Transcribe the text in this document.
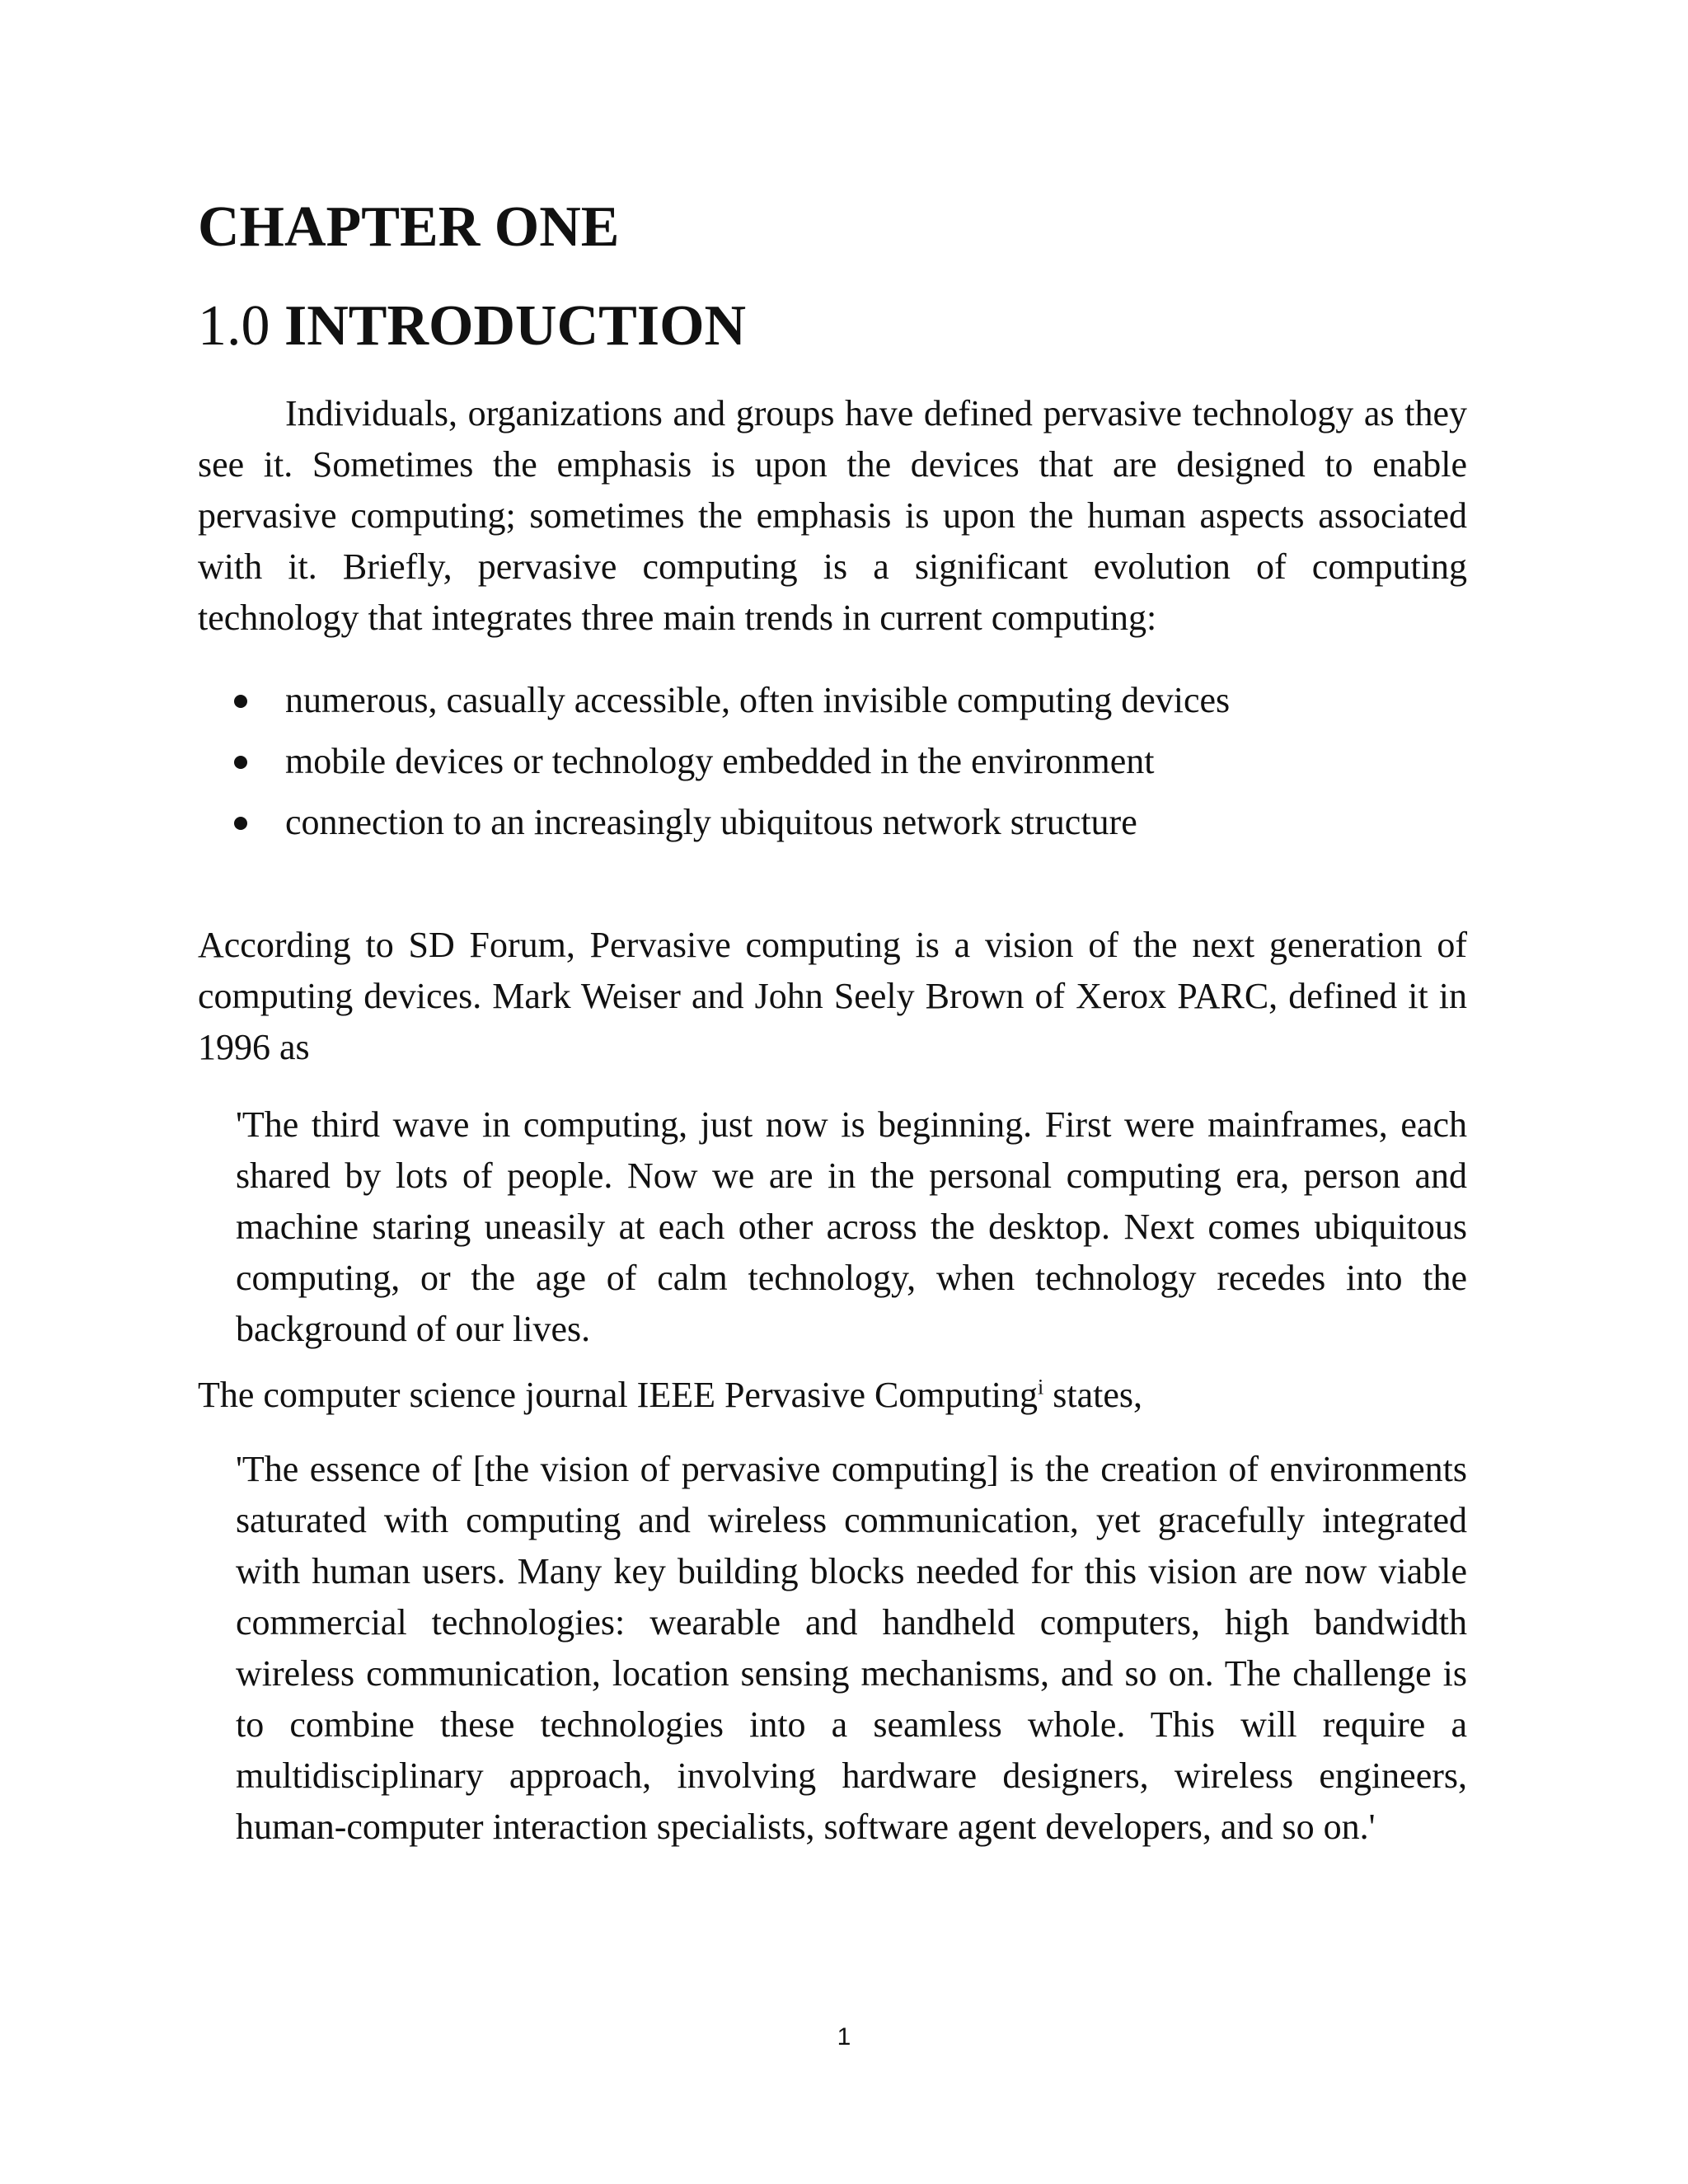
CHAPTER ONE
1.0 INTRODUCTION

Individuals, organizations and groups have defined pervasive technology as they see it. Sometimes the emphasis is upon the devices that are designed to enable pervasive computing; sometimes the emphasis is upon the human aspects associated with it. Briefly, pervasive computing is a significant evolution of computing technology that integrates three main trends in current computing:

numerous, casually accessible, often invisible computing devices
mobile devices or technology embedded in the environment
connection to an increasingly ubiquitous network structure

According to SD Forum, Pervasive computing is a vision of the next generation of computing devices. Mark Weiser and John Seely Brown of Xerox PARC, defined it in 1996 as

'The third wave in computing, just now is beginning. First were mainframes, each shared by lots of people. Now we are in the personal computing era, person and machine staring uneasily at each other across the desktop. Next comes ubiquitous computing, or the age of calm technology, when technology recedes into the background of our lives.

The computer science journal IEEE Pervasive Computing$^i$ states,

'The essence of [the vision of pervasive computing] is the creation of environments saturated with computing and wireless communication, yet gracefully integrated with human users. Many key building blocks needed for this vision are now viable commercial technologies: wearable and handheld computers, high bandwidth wireless communication, location sensing mechanisms, and so on. The challenge is to combine these technologies into a seamless whole. This will require a multidisciplinary approach, involving hardware designers, wireless engineers, human-computer interaction specialists, software agent developers, and so on.'

1
